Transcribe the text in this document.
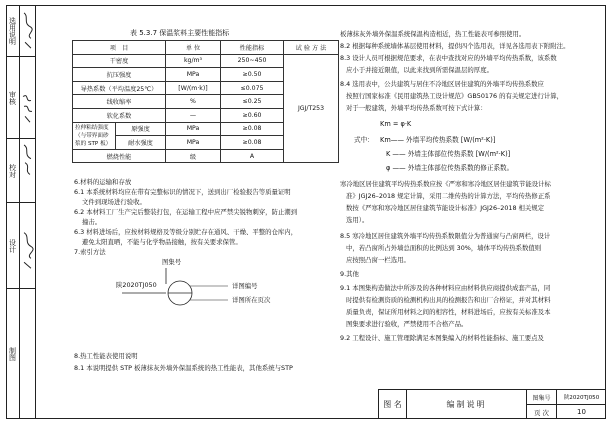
选用说明
审核
校对
设计
制图
表 5.3.7 保温浆料主要性能指标
项　目		单 位	性能指标	试 验 方 法
干密度		kg/m³	250~450	JGJ/T253
抗压强度		MPa	≥0.50	
导热系数（平均温度25℃）		[W/(m·k)]	≤0.075	
线收缩率		%	≤0.25	
软化系数		—	≥0.60	
拉伸粘结强度（与带界面砂浆的 STP 板）	原强度	MPa	≥0.08	
	耐水强度	MPa	≥0.08	
燃烧性能		级	A	
6.材料的运输和存放
6.1 本系统材料均应在带有完整标识的情况下，送到出厂检验报告等质量证明
文件到现场进行验收。
6.2 本材料工厂生产完后整装打包，在运输工程中应严禁尖锐物刺穿，防止潮到
撞击。
6.3 材料进场后，应按材料规格及等级分别贮存在通风、干燥、平整的仓库内，
避免太阳直晒，不能与化学物品接触，按有关要求保管。
7.索引方法
图集号
陕2020TJ050	详图编号
详图所在页次
8.热工性能表使用说明
8.1 本说明提供 STP 板薄抹灰外墙外保温系统的热工性能表，其他系统与STP
板薄抹灰外墙外保温系统保温构造相近，热工性能表可参照使用。
8.2 根据每种系统墙体基层使用材料，提供四个选用表，详见各选用表下附附注。
8.3 设计人员可根据规范要求，在表中查找对应的外墙平均传热系数，该系数
应小于并接近限值，以此来找到所需保温层的厚度。
8.4 选用表中，公共建筑与居住不冷地区居住建筑的外墙平均传热系数应
按照行国家标准《民用建筑热工设计规范》GB50176 的有关规定进行计算，
对于一般建筑，外墙平均传热系数可按下式计算：
Km = φ·K
式中： Km—— 外墙平均传热系数 [W/(m²·K)]
K —— 外墙主体部位传热系数 [W/(m²·K)]
φ —— 外墙主体部位传热系数的修正系数。
寒冷地区居住建筑平均传热系数应按《严寒和寒冷地区居住建筑节能设计标
准》JGJ26–2018 规定计算，采用二维传热的计算方法，平均传热修正系
数按《严寒和寒冷地区居住建筑节能设计标准》JGJ26–2018 相关规定
选用）。
8.5 寒冷地区居住建筑外墙平均传热系数限值分为普通窗与凸窗两栏，设计
中，若凸窗所占外墙总面积的比例达到 30%，墙体平均传热系数值则
应按照凸窗一栏选用。
9.其他
9.1 本图集构造做法中所涉及的各种材料应由材料供应商提供成套产品，同
时提供有检测资质的检测机构出具的检测报告和出厂合格证，并对其材料
质量负责，保证所用材料之间的相容性，材料进场后，应按有关标准及本
图集要求进行验收，严禁使用不合格产品。
9.2 工程设计、施工管理除满足本图集编入的材料性能指标、施工要点及
图 名	编制说明
图集号	陕2020TJ050
页 次	10
